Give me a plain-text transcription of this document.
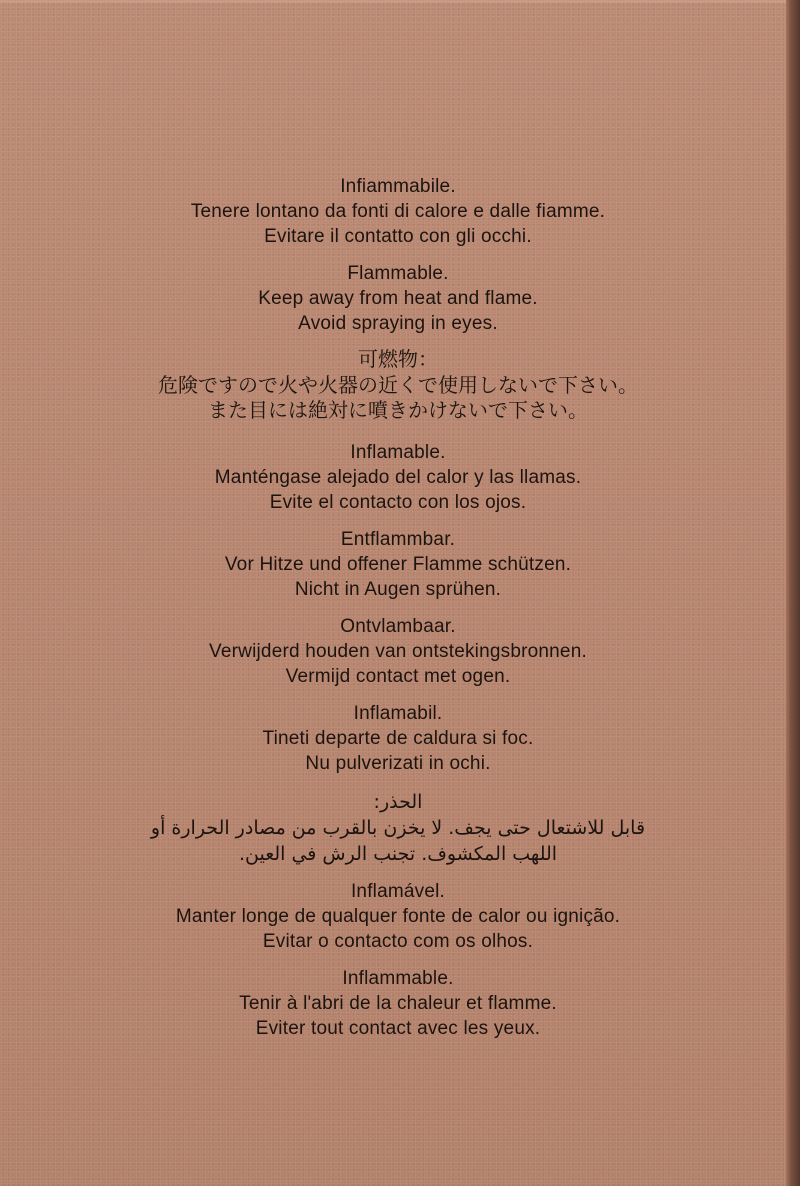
Infiammabile.
Tenere lontano da fonti di calore e dalle fiamme.
Evitare il contatto con gli occhi.
Flammable.
Keep away from heat and flame.
Avoid spraying in eyes.
可燃物：
危険ですので火や火器の近くで使用しないで下さい。
また目には絶対に噴きかけないで下さい。
Inflamable.
Manténgase alejado del calor y las llamas.
Evite el contacto con los ojos.
Entflammbar.
Vor Hitze und offener Flamme schützen.
Nicht in Augen sprühen.
Ontvlambaar.
Verwijderd houden van ontstekingsbronnen.
Vermijd contact met ogen.
Inflamabil.
Tineti departe de caldura si foc.
Nu pulverizati in ochi.
الحذر:
قابل للاشتعال حتى يجف. لا يخزن بالقرب من مصادر الحرارة أو
اللهب المكشوف. تجنب الرش في العين.
Inflamável.
Manter longe de qualquer fonte de calor ou ignição.
Evitar o contacto com os olhos.
Inflammable.
Tenir à l'abri de la chaleur et flamme.
Eviter tout contact avec les yeux.
